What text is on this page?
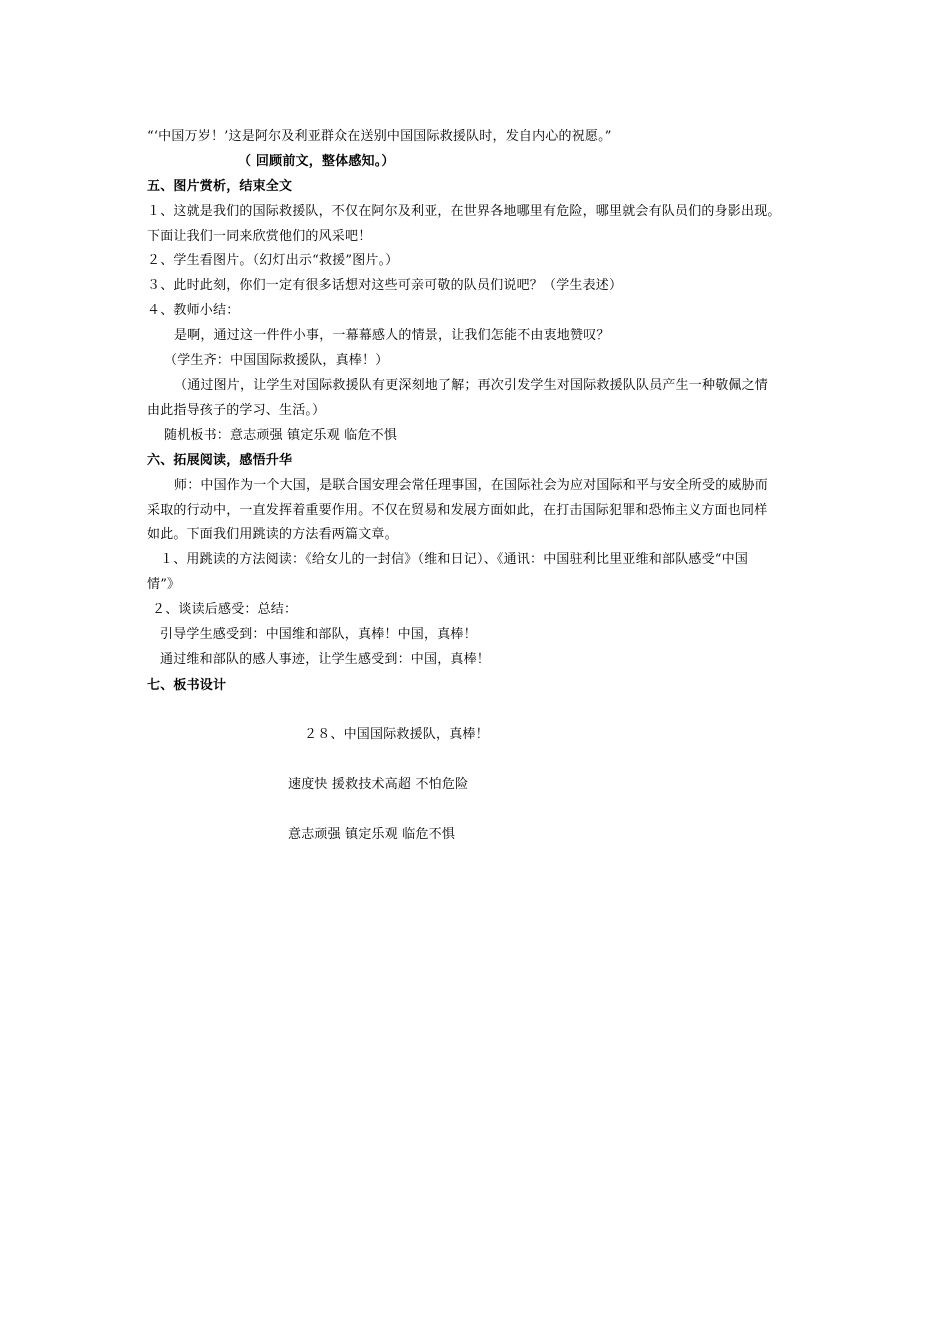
“‘中国万岁！’这是阿尔及利亚群众在送别中国国际救援队时，发自内心的祝愿。”
（ 回顾前文，整体感知。）
五、图片赏析，结束全文
１、这就是我们的国际救援队，不仅在阿尔及利亚，在世界各地哪里有危险，哪里就会有队员们的身影出现。
下面让我们一同来欣赏他们的风采吧！
２、学生看图片。（幻灯出示“救援”图片。）
３、此时此刻，你们一定有很多话想对这些可亲可敬的队员们说吧？（学生表述）
４、教师小结：
是啊，通过这一件件小事，一幕幕感人的情景，让我们怎能不由衷地赞叹？
（学生齐：中国国际救援队，真棒！）
（通过图片，让学生对国际救援队有更深刻地了解；再次引发学生对国际救援队队员产生一种敬佩之情
由此指导孩子的学习、生活。）
随机板书：意志顽强 镇定乐观 临危不惧
六、拓展阅读，感悟升华
师：中国作为一个大国，是联合国安理会常任理事国，在国际社会为应对国际和平与安全所受的威胁而
采取的行动中，一直发挥着重要作用。不仅在贸易和发展方面如此，在打击国际犯罪和恐怖主义方面也同样
如此。下面我们用跳读的方法看两篇文章。
１、用跳读的方法阅读：《给女儿的一封信》（维和日记）、《通讯：中国驻利比里亚维和部队感受“中国
情”》
２、谈读后感受：总结：
引导学生感受到：中国维和部队，真棒！中国，真棒！
通过维和部队的感人事迹，让学生感受到：中国，真棒！
七、板书设计
２８、中国国际救援队，真棒！
速度快 援救技术高超 不怕危险
意志顽强 镇定乐观 临危不惧
